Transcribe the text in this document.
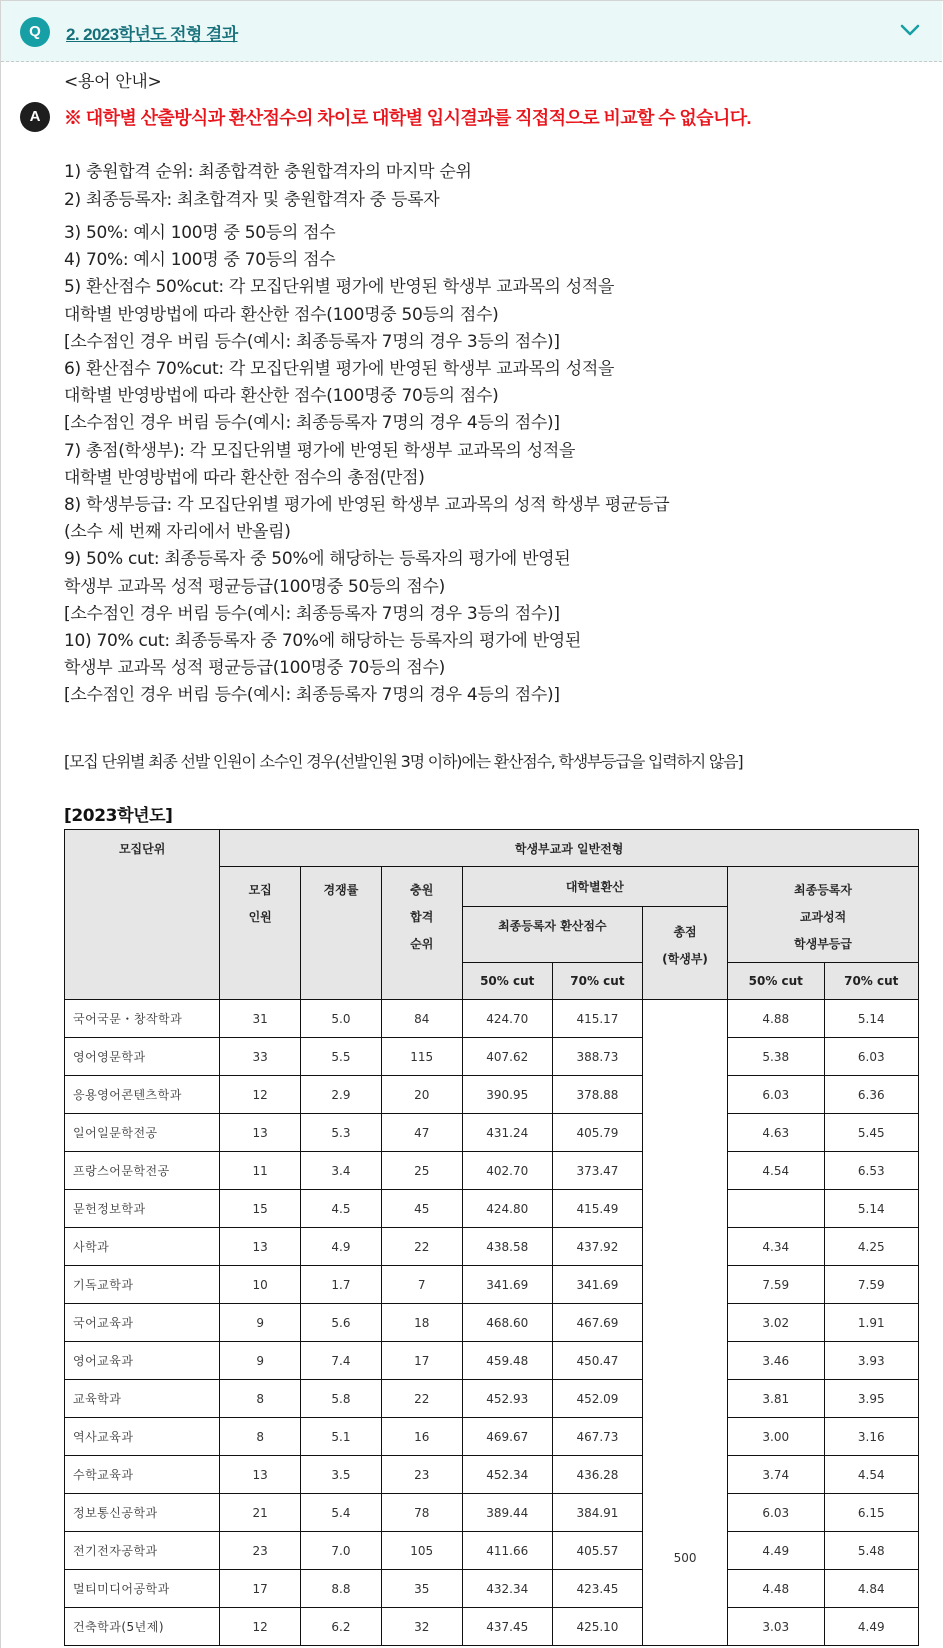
Q	2. 2023학년도 전형 결과
A
<용어 안내>
※ 대학별 산출방식과 환산점수의 차이로 대학별 입시결과를 직접적으로 비교할 수 없습니다.
1) 충원합격 순위: 최종합격한 충원합격자의 마지막 순위
2) 최종등록자: 최초합격자 및 충원합격자 중 등록자
3) 50%: 예시 100명 중 50등의 점수
4) 70%: 예시 100명 중 70등의 점수
5) 환산점수 50%cut: 각 모집단위별 평가에 반영된 학생부 교과목의 성적을
대학별 반영방법에 따라 환산한 점수(100명중 50등의 점수)
[소수점인 경우 버림 등수(예시: 최종등록자 7명의 경우 3등의 점수)]
6) 환산점수 70%cut: 각 모집단위별 평가에 반영된 학생부 교과목의 성적을
대학별 반영방법에 따라 환산한 점수(100명중 70등의 점수)
[소수점인 경우 버림 등수(예시: 최종등록자 7명의 경우 4등의 점수)]
7) 총점(학생부): 각 모집단위별 평가에 반영된 학생부 교과목의 성적을
대학별 반영방법에 따라 환산한 점수의 총점(만점)
8) 학생부등급: 각 모집단위별 평가에 반영된 학생부 교과목의 성적 학생부 평균등급
(소수 세 번째 자리에서 반올림)
9) 50% cut: 최종등록자 중 50%에 해당하는 등록자의 평가에 반영된
학생부 교과목 성적 평균등급(100명중 50등의 점수)
[소수점인 경우 버림 등수(예시: 최종등록자 7명의 경우 3등의 점수)]
10) 70% cut: 최종등록자 중 70%에 해당하는 등록자의 평가에 반영된
학생부 교과목 성적 평균등급(100명중 70등의 점수)
[소수점인 경우 버림 등수(예시: 최종등록자 7명의 경우 4등의 점수)]
[모집 단위별 최종 선발 인원이 소수인 경우(선발인원 3명 이하)에는 환산점수, 학생부등급을 입력하지 않음]
[2023학년도]
모집단위	학생부교과 일반전형							
	모집
인원	경쟁률	충원
합격
순위	대학별환산			최종등록자
교과성적
학생부등급	
				최종등록자 환산점수		총점
(학생부)		
				50% cut	70% cut		50% cut	70% cut
국어국문・창작학과	31	5.0	84	424.70	415.17	500	4.88	5.14
영어영문학과	33	5.5	115	407.62	388.73		5.38	6.03
응용영어콘텐츠학과	12	2.9	20	390.95	378.88		6.03	6.36
일어일문학전공	13	5.3	47	431.24	405.79		4.63	5.45
프랑스어문학전공	11	3.4	25	402.70	373.47		4.54	6.53
문헌정보학과	15	4.5	45	424.80	415.49			5.14
사학과	13	4.9	22	438.58	437.92		4.34	4.25
기독교학과	10	1.7	7	341.69	341.69		7.59	7.59
국어교육과	9	5.6	18	468.60	467.69		3.02	1.91
영어교육과	9	7.4	17	459.48	450.47		3.46	3.93
교육학과	8	5.8	22	452.93	452.09		3.81	3.95
역사교육과	8	5.1	16	469.67	467.73		3.00	3.16
수학교육과	13	3.5	23	452.34	436.28		3.74	4.54
정보통신공학과	21	5.4	78	389.44	384.91		6.03	6.15
전기전자공학과	23	7.0	105	411.66	405.57		4.49	5.48
멀티미디어공학과	17	8.8	35	432.34	423.45		4.48	4.84
건축학과(5년제)	12	6.2	32	437.45	425.10		3.03	4.49
